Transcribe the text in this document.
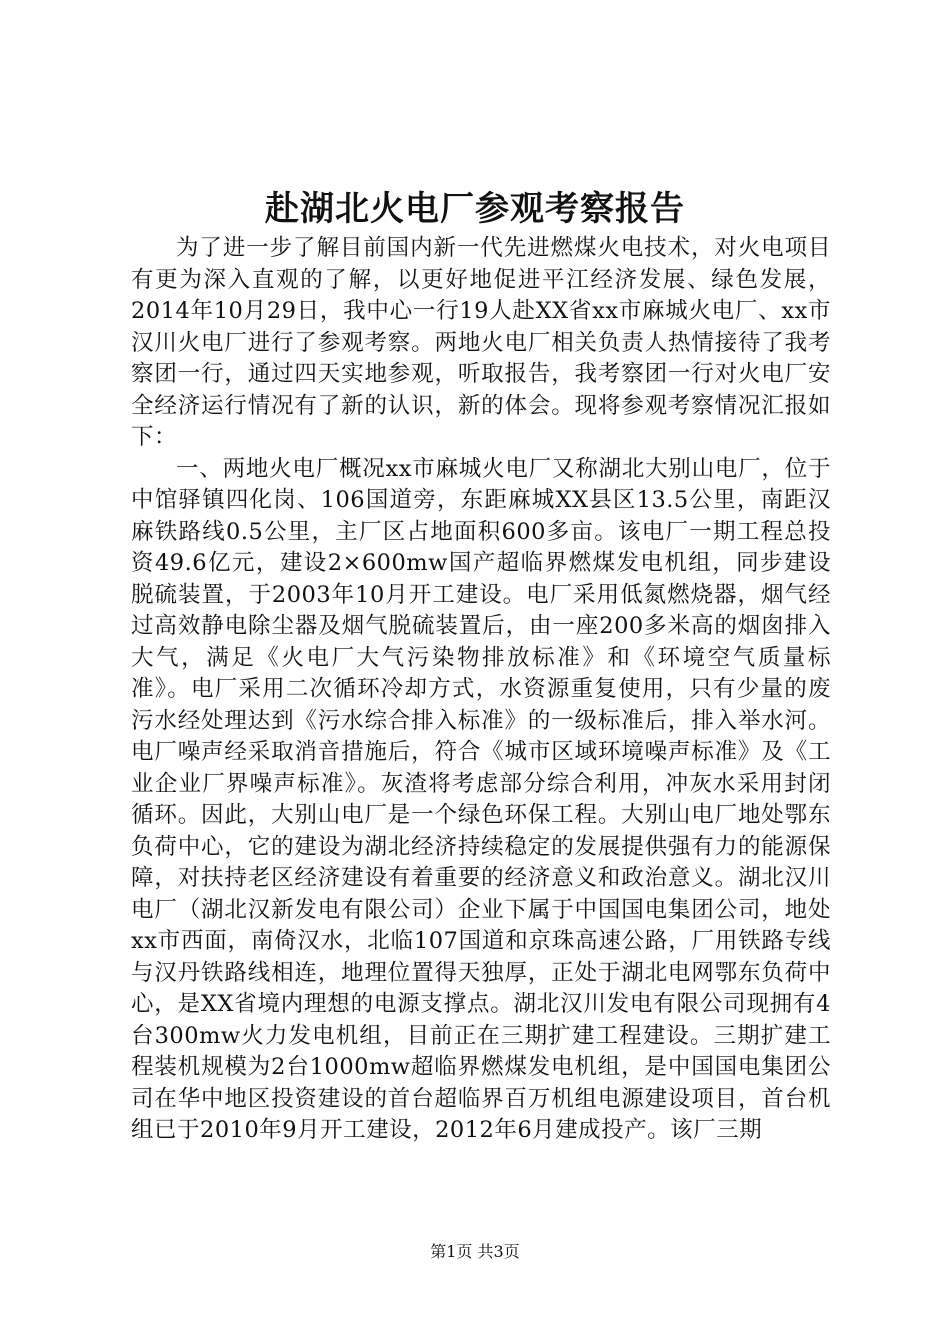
赴湖北火电厂参观考察报告

为了进一步了解目前国内新一代先进燃煤火电技术，对火电项目有更为深入直观的了解，以更好地促进平江经济发展、绿色发展，2014年10月29日，我中心一行19人赴XX省xx市麻城火电厂、xx市汉川火电厂进行了参观考察。两地火电厂相关负责人热情接待了我考察团一行，通过四天实地参观，听取报告，我考察团一行对火电厂安全经济运行情况有了新的认识，新的体会。现将参观考察情况汇报如下：

一、两地火电厂概况xx市麻城火电厂又称湖北大别山电厂，位于中馆驿镇四化岗、106国道旁，东距麻城XX县区13.5公里，南距汉麻铁路线0.5公里，主厂区占地面积600多亩。该电厂一期工程总投资49.6亿元，建设2×600mw国产超临界燃煤发电机组，同步建设脱硫装置，于2003年10月开工建设。电厂采用低氮燃烧器，烟气经过高效静电除尘器及烟气脱硫装置后，由一座200多米高的烟囱排入大气，满足《火电厂大气污染物排放标准》和《环境空气质量标准》。电厂采用二次循环冷却方式，水资源重复使用，只有少量的废污水经处理达到《污水综合排入标准》的一级标准后，排入举水河。电厂噪声经采取消音措施后，符合《城市区域环境噪声标准》及《工业企业厂界噪声标准》。灰渣将考虑部分综合利用，冲灰水采用封闭循环。因此，大别山电厂是一个绿色环保工程。大别山电厂地处鄂东负荷中心，它的建设为湖北经济持续稳定的发展提供强有力的能源保障，对扶持老区经济建设有着重要的经济意义和政治意义。湖北汉川电厂（湖北汉新发电有限公司）企业下属于中国国电集团公司，地处xx市西面，南倚汉水，北临107国道和京珠高速公路，厂用铁路专线与汉丹铁路线相连，地理位置得天独厚，正处于湖北电网鄂东负荷中心，是XX省境内理想的电源支撑点。湖北汉川发电有限公司现拥有4台300mw火力发电机组，目前正在三期扩建工程建设。三期扩建工程装机规模为2台1000mw超临界燃煤发电机组，是中国国电集团公司在华中地区投资建设的首台超临界百万机组电源建设项目，首台机组已于2010年9月开工建设，2012年6月建成投产。该厂三期

第1页 共3页
